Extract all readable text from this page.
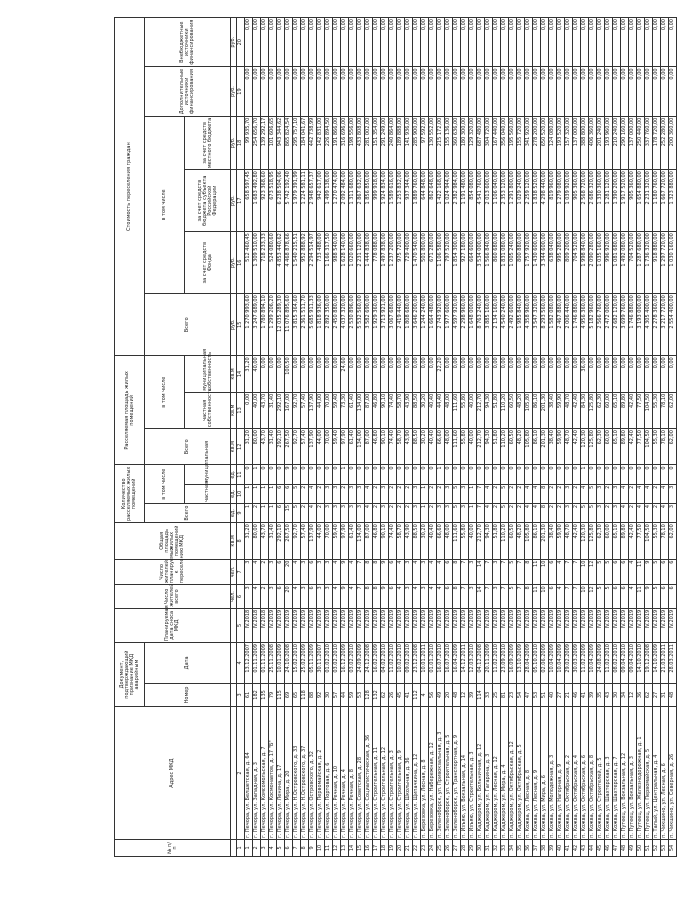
№ п/п	Адрес МКД	Документ, подтверждающий признание МКД аварийным		Планируемая дата сноса МКД	Число жителей всего	Число жителей планируемых к переселению	Общая площадь жилых помещений МКД	Количество расселяемых жилых помещений			Расселяемая площадь жилых помещений			Стоимость переселения граждан					
		Номер	Дата					Всего	в том числе		Всего	в том числе		Всего	в том числе			Дополнительные источники финансирования	Внебюджетные источники финансирования
									частная	муниципальная		частная собственность	муниципальная собственность		за счет средств Фонда	за счет средств бюджета субъекта Российской Федерации	за счет средств местного бюджета		
					чел.	чел.	кв.м	ед.	ед.	ед.	кв.м	кв.м	кв.м	руб.	руб.	руб.	руб.	руб.	руб.
1	2	3	4	5	6	7	8	9	10	11	12	13	14	15	16	17	18	19	20
1	г. Печора, ул. Белшетская, д. 64	61	13.12.2007	IV.2018	3	3	31,20	1	1	0	31,20	0,00	31,20	1 270 993,60	512 460,45	658 597,45	99 935,70	0,00	0,00
2	г. Печора, ул. Западная, д. 3	182	01.11.2009	IV.2018	4	4	80,00	2	1	1	80,00	40,00	40,00	3 247 689,00	1 309 510,00	1 683 492,80	254 656,70	0,00	0,00
3	г. Печора, ул. Комсомольская, д. 7	135	01.11.2009	IV.2018	2	2	43,70	1	1	0	43,70	43,70	0,00	1 780 894,10	718 233,33	923 368,60	139 292,17	0,00	0,00
4	г. Печора, ул. Космонавтов, д. 17 "Б"	79	25.11.2008	IV.2019	3	3	31,40	1	1	0	31,40	31,40	0,00	1 299 206,20	524 080,60	673 518,95	101 606,65	0,00	0,00
5	г. Печора, ул. Ленина, д. 17	115	10.01.2009	IV.2019	6	6	292,10	6	6	0	292,10	292,10	0,00	12 035 289,30	4 853 440,62	6 238 504,06	943 344,62	0,00	0,00
6	г. Печора, ул. Мира, д. 20	69	24.10.2008	IV.2019	20	20	267,50	15	6	9	267,50	167,00	100,50	11 076 895,60	4 468 878,66	5 742 192,40	865 824,54	0,00	0,00
7	г. Печора, ул. Н.Островского, д. 33	65	15.02.2010	IV.2019	4	4	92,70	5	5	0	92,70	92,70	0,00	3 815 364,60	1 540 215,51	1 979 391,99	295 757,10	0,00	0,00
8	г. Печора, ул. Н.Островского, д. 37	118	25.02.2009	IV.2019	3	3	57,40	2	2	0	57,40	57,40	0,00	2 361 511,70	952 888,92	1 224 581,11	184 041,67	0,00	0,00
9	г. Печора, ул. Островского, д. 32	88	05.11.2009	IV.2019	6	6	137,90	4	4	0	137,90	137,90	0,00	5 685 911,33	2 294 514,97	2 948 657,37	442 738,99	0,00	0,00
10	г. Печора, ул. Первомайская, д. 2	92	30.11.2007	IV.2019	3	3	44,00	2	2	0	44,00	44,00	0,00	1 818 936,00	733 488,00	942 617,00	142 831,00	0,00	0,00
11	г. Печора, ул. Портовая, д. 6	30	01.02.2010	IV.2019	3	3	70,00	3	3	0	70,00	70,00	0,00	2 892 350,00	1 166 317,50	1 499 138,00	226 894,50	0,00	0,00
12	г. Печора, ул. Речная, д. 10	57	03.02.2010	IV.2019	4	4	59,40	3	3	0	59,40	59,40	0,00	2 450 880,00	988 540,00	1 270 474,00	191 866,00	0,00	0,00
13	г. Печора, ул. Речная, д. 4	44	16.12.2009	IV.2019	9	9	97,90	3	2	1	97,90	73,30	24,60	4 037 320,00	1 628 140,00	2 092 484,00	316 696,00	0,00	0,00
14	г. Печора, ул. Речная, д. 8	59	03.02.2010	IV.2019	4	4	61,40	3	3	0	61,40	61,40	0,00	2 530 896,00	1 020 660,00	1 311 680,00	198 556,00	0,00	0,00
15	г. Печора, ул. Советская, д. 28	53	24.09.2009	IV.2019	7	7	134,00	3	3	0	134,00	134,00	0,00	5 532 560,00	2 231 120,00	2 867 632,00	433 808,00	0,00	0,00
16	г. Печора, ул. Социалистическая, д. 36	128	24.12.2008	IV.2019	8	8	87,00	4	4	0	87,00	87,00	0,00	3 582 690,00	1 444 838,00	1 856 850,00	281 002,00	0,00	0,00
17	г. Печора, ул. Строительная, д. 11	132	16.02.2009	IV.2019	8	8	46,80	2	2	0	46,80	46,80	0,00	1 929 360,00	778 088,00	999 918,00	151 354,00	0,00	0,00
18	г. Печора, ул. Строительная, д. 12	62	04.02.2010	IV.2019	9	9	90,10	3	3	0	90,10	90,10	0,00	3 713 921,00	1 497 838,00	1 924 834,00	291 249,00	0,00	0,00
19	г. Печора, ул. Строительная, д. 3	26	11.02.2010	IV.2019	6	6	74,40	2	2	0	74,40	74,40	0,00	3 067 680,00	1 237 200,00	1 589 616,00	240 864,00	0,00	0,00
20	г. Печора, ул. Строительная, д. 9	45	10.02.2010	IV.2019	4	4	58,70	2	2	0	58,70	58,70	0,00	2 419 440,00	975 720,00	1 253 832,00	189 888,00	0,00	0,00
21	г. Печора, ул. Школьная, д. 36	41	09.02.2010	IV.2019	3	3	43,90	2	2	0	43,90	43,90	0,00	1 808 680,00	729 400,00	937 344,00	141 936,00	0,00	0,00
22	г. Печора, ул. Щипачкина, д. 12	112	23.12.2008	IV.2019	4	4	88,50	3	3	0	88,50	88,50	0,00	3 646 200,00	1 470 540,00	1 889 760,00	285 900,00	0,00	0,00
23	п. Березовка, ул. Лесная, д. 8	4	10.01.2011	IV.2019	3	3	30,20	1	1	0	30,20	30,20	0,00	1 244 240,00	501 800,00	644 848,00	97 592,00	0,00	0,00
24	п. Березовка, ул. Набережная, д. 12	56	01.01.2010	IV.2019	4	4	40,40	2	2	0	40,40	40,40	0,00	1 664 480,00	671 280,00	862 648,00	130 552,00	0,00	0,00
25	п. Зеленоборск, ул. Привокзальная, д. 3	49	16.07.2010	IV.2019	4	4	66,60	3	2	1	66,60	44,40	22,20	2 743 920,00	1 106 580,00	1 422 168,00	215 172,00	0,00	0,00
26	п. Зеленоборск, ул. Строительная, д. 5	20	16.07.2010	IV.2019	6	6	48,00	3	3	0	48,00	48,00	0,00	1 977 600,00	797 520,00	1 024 944,00	155 136,00	0,00	0,00
27	п. Зеленоборск, ул. Транспортная, д. 9	48	16.04.2009	IV.2019	8	8	111,60	5	5	0	111,60	111,60	0,00	4 597 920,00	1 854 300,00	2 382 984,00	360 636,00	0,00	0,00
28	п. Изъяю, ул. Вокзальная, д. 14	12	14.12.2011	IV.2019	7	7	55,80	3	3	0	55,80	55,80	0,00	2 298 960,00	927 180,00	1 191 480,00	180 300,00	0,00	0,00
29	п. Изъяю, ул. Строительная, д. 3	39	12.03.2010	IV.2019	3	3	40,00	1	1	0	40,00	40,00	0,00	1 648 000,00	664 600,00	854 080,00	129 320,00	0,00	0,00
30	п. Каджером, ул. Больничная, д. 12	114	04.12.2008	IV.2019	14	14	212,70	7	7	0	212,70	212,70	0,00	8 763 240,00	3 534 000,00	4 541 760,00	687 480,00	0,00	0,00
31	п. Каджером, ул. Гагарина, д. 3	33	20.11.2009	IV.2019	7	7	94,30	4	4	0	94,30	94,30	0,00	3 885 160,00	1 566 840,00	2 013 600,00	304 720,00	0,00	0,00
32	п. Каджером, ул. Лесная, д. 12	25	11.02.2010	IV.2019	3	3	51,80	2	2	0	51,80	51,80	0,00	2 134 160,00	860 680,00	1 106 040,00	167 440,00	0,00	0,00
33	п. Каджером, ул. Мира, д. 4	81	23.09.2010	IV.2019	7	7	110,20	5	5	0	110,20	110,20	0,00	4 540 240,00	1 831 080,00	2 353 120,00	356 040,00	0,00	0,00
34	п. Каджером, ул. Октябрьская, д. 12	23	16.09.2009	IV.2019	5	5	60,50	2	2	0	60,50	60,50	0,00	2 492 600,00	1 005 240,00	1 291 800,00	195 560,00	0,00	0,00
35	п. Каджером, ул. Октябрьская, д. 5	54	13.10.2009	IV.2019	7	7	48,20	2	2	0	48,20	48,20	0,00	1 985 840,00	800 880,00	1 029 240,00	155 720,00	0,00	0,00
36	п. Кожва, ул. Лесная, д. 8	47	28.04.2009	IV.2019	8	8	105,80	4	4	0	105,80	105,80	0,00	4 358 960,00	1 757 920,00	2 259 120,00	341 920,00	0,00	0,00
37	п. Кожва, ул. Лесная, д. 9	53	05.10.2010	IV.2019	11	11	86,10	4	4	0	86,10	86,10	0,00	3 547 320,00	1 430 600,00	1 838 520,00	278 200,00	0,00	0,00
38	п. Кожва, ул. Мира, д. 6	51	02.06.2009	IV.2019	10	10	201,30	8	8	0	201,30	201,30	0,00	8 293 560,00	3 344 600,00	4 298 440,00	650 520,00	0,00	0,00
39	п. Кожва, ул. Молодежная, д. 3	40	10.04.2009	IV.2019	6	6	38,40	2	2	0	38,40	38,40	0,00	1 582 080,00	638 040,00	819 960,00	124 080,00	0,00	0,00
40	п. Кожва, ул. Нагорная, д. 9	27	10.04.2009	IV.2019	4	4	59,90	2	2	0	59,90	59,90	0,00	2 467 880,00	995 280,00	1 279 080,00	193 520,00	0,00	0,00
41	п. Кожва, ул. Октябрьская, д. 2	21	29.02.2009	IV.2019	7	7	48,70	3	3	0	48,70	48,70	0,00	2 006 440,00	809 200,00	1 039 920,00	157 320,00	0,00	0,00
42	п. Кожва, ул. Октябрьская, д. 4	46	30.03.2009	IV.2019	7	7	42,40	2	2	0	42,40	42,40	0,00	1 746 880,00	704 520,00	905 360,00	137 000,00	0,00	0,00
43	п. Кожва, ул. Октябрьская, д. 6	41	11.02.2009	IV.2019	10	10	120,30	5	4	1	120,30	84,30	36,00	4 956 360,00	1 998 840,00	2 568 720,00	388 800,00	0,00	0,00
44	п. Кожва, ул. Октябрьская, д. 8	39	10.04.2009	IV.2019	12	12	125,80	5	5	0	125,80	125,80	0,00	5 182 960,00	2 090 280,00	2 686 320,00	406 360,00	0,00	0,00
45	п. Кожва, ул. Строителей, д. 5	35	24.08.2009	IV.2019	5	5	62,30	3	3	0	62,30	62,30	0,00	2 566 760,00	1 035 160,00	1 330 360,00	201 240,00	0,00	0,00
46	п. Кожва, ул. Шахтерская, д. 3	43	11.02.2010	IV.2019	5	5	60,00	2	2	0	60,00	60,00	0,00	2 472 000,00	996 920,00	1 281 120,00	193 960,00	0,00	0,00
47	п. Кожва, ул. Шахтерская, д. 7	30	08.02.2010	IV.2019	6	6	65,10	3	3	0	65,10	65,10	0,00	2 682 120,00	1 081 680,00	1 390 200,00	210 240,00	0,00	0,00
48	п. Путеец, ул. Вокзальная, д. 12	34	09.04.2010	IV.2019	6	6	89,80	4	4	0	89,80	89,80	0,00	3 699 760,00	1 492 080,00	1 917 520,00	290 160,00	0,00	0,00
49	п. Путеец, ул. Вокзальная, д. 3	12	09.04.2010	IV.2019	4	4	42,40	2	2	0	42,40	42,40	0,00	1 746 880,00	704 520,00	905 360,00	137 000,00	0,00	0,00
50	п. Путеец, ул. Железнодорожная, д. 1	36	14.10.2010	IV.2019	11	11	77,50	4	4	0	77,50	77,50	0,00	3 193 000,00	1 287 680,00	1 654 880,00	250 440,00	0,00	0,00
51	п. Путеец, ул. Первомайская, д. 5	62	19.12.2008	IV.2019	9	9	104,50	4	4	0	104,50	104,50	0,00	4 305 400,00	1 736 320,00	2 231 320,00	337 760,00	0,00	0,00
52	п. Талый, ул. Центральная, д. 4	27	14.10.2009	IV.2019	5	5	55,30	2	2	0	55,30	55,30	0,00	2 278 360,00	918 880,00	1 180 760,00	178 720,00	0,00	0,00
53	п. Чикшино, ул. Лесная, д. 6	31	21.03.2011	IV.2019	6	6	78,10	4	4	0	78,10	78,10	0,00	3 217 720,00	1 297 720,00	1 667 720,00	252 280,00	0,00	0,00
54	п. Чикшино, ул. Северная, д. 26	48	28.03.2011	IV.2019	6	6	62,00	3	3	0	62,00	62,00	0,00	2 554 400,00	1 030 160,00	1 323 880,00	200 360,00	0,00	0,00
